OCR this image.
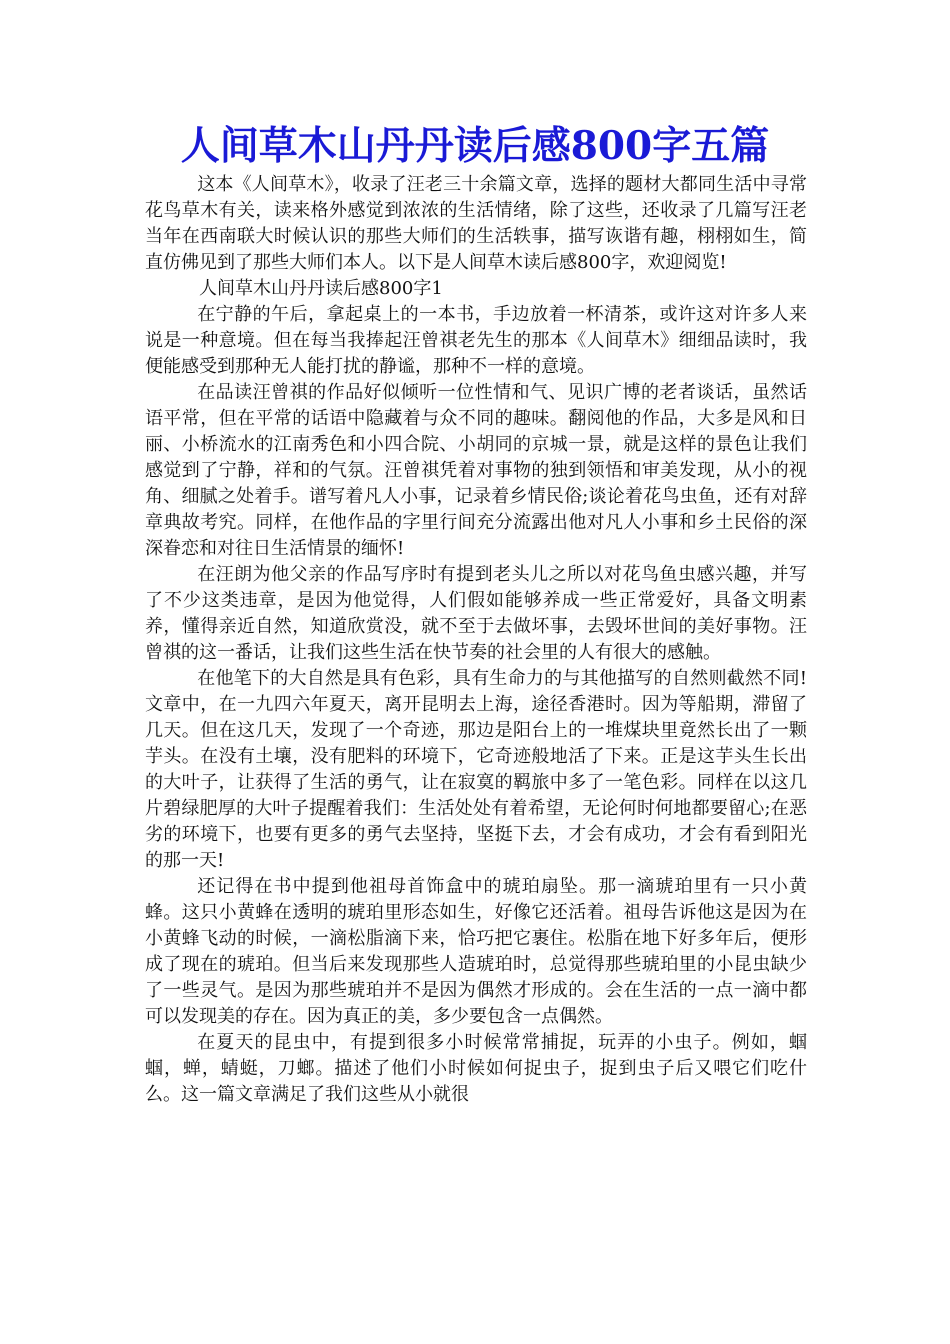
人间草木山丹丹读后感800字五篇

这本《人间草木》，收录了汪老三十余篇文章，选择的题材大都同生活中寻常花鸟草木有关，读来格外感觉到浓浓的生活情绪，除了这些，还收录了几篇写汪老当年在西南联大时候认识的那些大师们的生活轶事，描写诙谐有趣，栩栩如生，简直仿佛见到了那些大师们本人。以下是人间草木读后感800字，欢迎阅览!

人间草木山丹丹读后感800字1

在宁静的午后，拿起桌上的一本书，手边放着一杯清茶，或许这对许多人来说是一种意境。但在每当我捧起汪曾祺老先生的那本《人间草木》细细品读时，我便能感受到那种无人能打扰的静谧，那种不一样的意境。

在品读汪曾祺的作品好似倾听一位性情和气、见识广博的老者谈话，虽然话语平常，但在平常的话语中隐藏着与众不同的趣味。翻阅他的作品，大多是风和日丽、小桥流水的江南秀色和小四合院、小胡同的京城一景，就是这样的景色让我们感觉到了宁静，祥和的气氛。汪曾祺凭着对事物的独到领悟和审美发现，从小的视角、细腻之处着手。谱写着凡人小事，记录着乡情民俗;谈论着花鸟虫鱼，还有对辞章典故考究。同样，在他作品的字里行间充分流露出他对凡人小事和乡土民俗的深深眷恋和对往日生活情景的缅怀!

在汪朗为他父亲的作品写序时有提到老头儿之所以对花鸟鱼虫感兴趣，并写了不少这类违章，是因为他觉得，人们假如能够养成一些正常爱好，具备文明素养，懂得亲近自然，知道欣赏没，就不至于去做坏事，去毁坏世间的美好事物。汪曾祺的这一番话，让我们这些生活在快节奏的社会里的人有很大的感触。

在他笔下的大自然是具有色彩，具有生命力的与其他描写的自然则截然不同!文章中，在一九四六年夏天，离开昆明去上海，途径香港时。因为等船期，滞留了几天。但在这几天，发现了一个奇迹，那边是阳台上的一堆煤块里竟然长出了一颗芋头。在没有土壤，没有肥料的环境下，它奇迹般地活了下来。正是这芋头生长出的大叶子，让获得了生活的勇气，让在寂寞的羁旅中多了一笔色彩。同样在以这几片碧绿肥厚的大叶子提醒着我们：生活处处有着希望，无论何时何地都要留心;在恶劣的环境下，也要有更多的勇气去坚持，坚挺下去，才会有成功，才会有看到阳光的那一天!

还记得在书中提到他祖母首饰盒中的琥珀扇坠。那一滴琥珀里有一只小黄蜂。这只小黄蜂在透明的琥珀里形态如生，好像它还活着。祖母告诉他这是因为在小黄蜂飞动的时候，一滴松脂滴下来，恰巧把它裹住。松脂在地下好多年后，便形成了现在的琥珀。但当后来发现那些人造琥珀时，总觉得那些琥珀里的小昆虫缺少了一些灵气。是因为那些琥珀并不是因为偶然才形成的。会在生活的一点一滴中都可以发现美的存在。因为真正的美，多少要包含一点偶然。

在夏天的昆虫中，有提到很多小时候常常捕捉，玩弄的小虫子。例如，蝈蝈，蝉，蜻蜓，刀螂。描述了他们小时候如何捉虫子，捉到虫子后又喂它们吃什么。这一篇文章满足了我们这些从小就很
